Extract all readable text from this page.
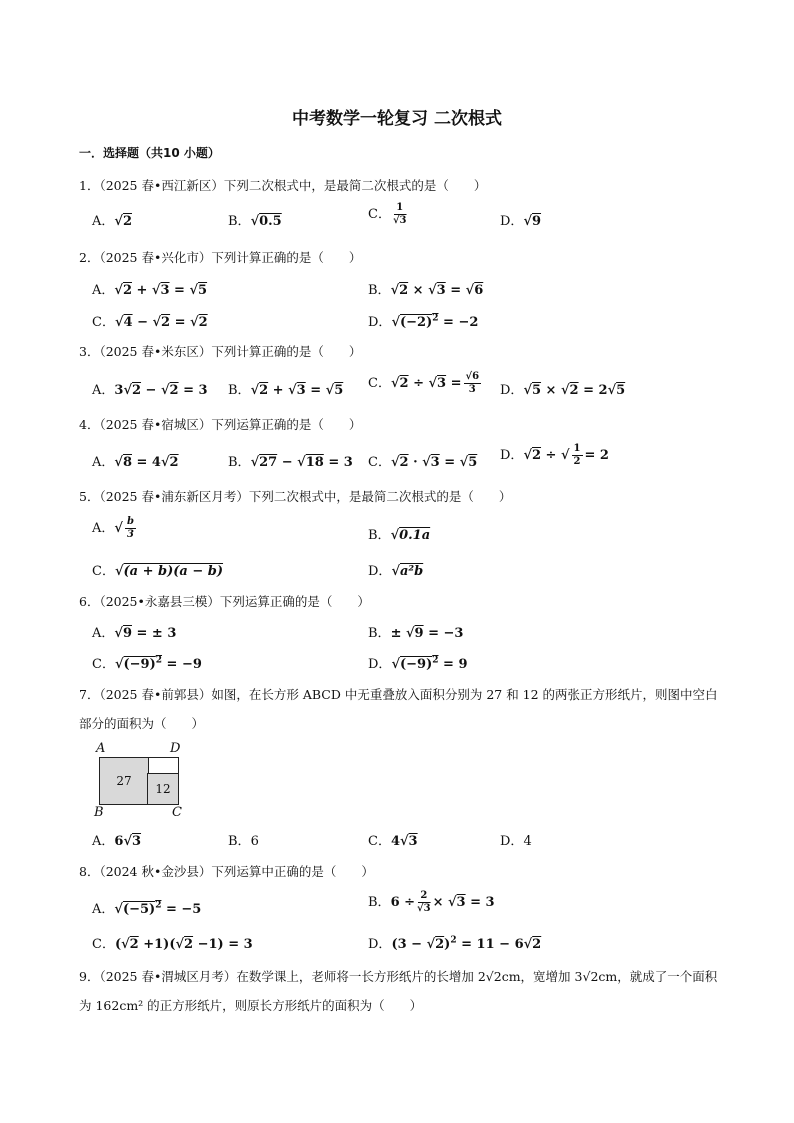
中考数学一轮复习 二次根式
一．选择题（共10 小题）
1．（2025 春•西江新区）下列二次根式中，是最简二次根式的是（　　）
A．√2	B．√0.5	C． $\frac{1}{√3}$	D．√9
2．（2025 春•兴化市）下列计算正确的是（　　）
A．√2 + √3 = √5	B．√2 × √3 = √6
C．√4 − √2 = √2	D．$√(-2)^2 = -2$
3．（2025 春•米东区）下列计算正确的是（　　）
A．3√2 − √2 = 3 B．√2 + √3 = √5 C．$√2 \div √3 = \frac{√6}{3}$ D．√5 × √2 = 2√5
4．（2025 春•宿城区）下列运算正确的是（　　）
A．√8 = 4√2	B．√27 − √18 = 3 C．√2 · √3 = √5 D．√2 ÷ √ $\frac{1}{2} = 2$
5．（2025 春•浦东新区月考）下列二次根式中，是最简二次根式的是（　　）
A．√ $\frac{b}{3}$	B．√0.1a
C．√(a + b)(a − b)	D．√a²b
6．（2025•永嘉县三模）下列运算正确的是（　　）
A．√9 = ± 3	B．± √9 = −3
C．$√(-9)^2 = -9$	D．$√(-9)^2 = 9$
7．（2025 春•前郭县）如图，在长方形 ABCD 中无重叠放入面积分别为 27 和 12 的两张正方形纸片，则图中空白部分的面积为（　　）
A	D
27
12
B	C
A．6√3	B．6	C．4√3	D．4
8．（2024 秋•金沙县）下列运算中正确的是（　　）
A．$√(-5)^2 = -5$	B．$6 \div \frac{2}{√3} \times √3 = 3$
C．(√2 +1)(√2 −1) = 3	D．$(3 - √2)^2 = 11 - 6√2$
9．（2025 春•渭城区月考）在数学课上，老师将一长方形纸片的长增加 2√2cm，宽增加 3√2cm，就成了一个面积为 162cm² 的正方形纸片，则原长方形纸片的面积为（　　）
